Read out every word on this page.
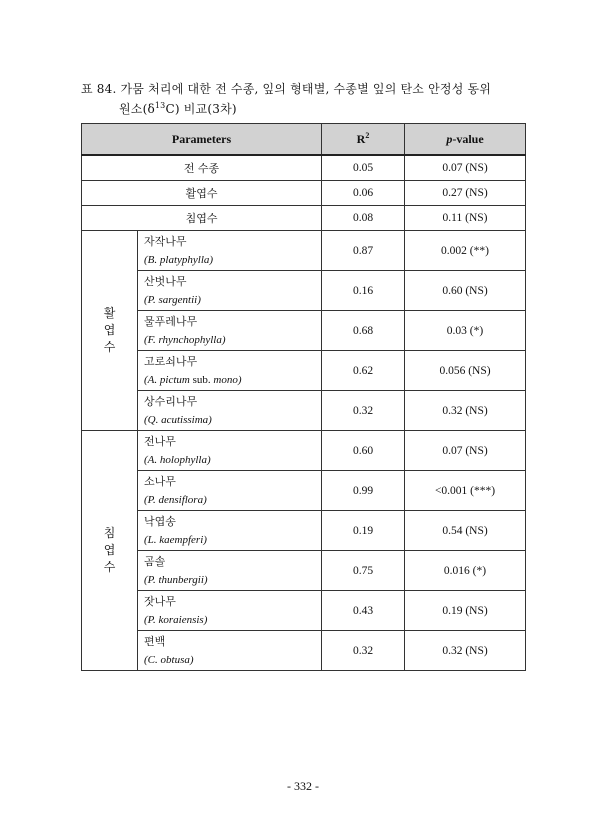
표 84. 가뭄 처리에 대한 전 수종, 잎의 형태별, 수종별 잎의 탄소 안정성 동위
원소$(\delta^{13}C)$ 비교(3차)
Parameters		$R^2$	p-value
전 수종		0.05	0.07 (NS)
활엽수		0.06	0.27 (NS)
침엽수		0.08	0.11 (NS)

활
엽
수	자작나무
(B. platyphylla)	0.87	0.002 (**)

	산벗나무
(P. sargentii)	0.16	0.60 (NS)

	물푸레나무
(F. rhynchophylla)	0.68	0.03 (*)

	고로쇠나무
(A. pictum sub. mono)	0.62	0.056 (NS)

	상수리나무
(Q. acutissima)	0.32	0.32 (NS)

침
엽
수	전나무
(A. holophylla)	0.60	0.07 (NS)

	소나무
(P. densiflora)	0.99	<0.001 (***)

	낙엽송
(L. kaempferi)	0.19	0.54 (NS)

	곰솔
(P. thunbergii)	0.75	0.016 (*)

	잣나무
(P. koraiensis)	0.43	0.19 (NS)

	편백
(C. obtusa)	0.32	0.32 (NS)
- 332 -
